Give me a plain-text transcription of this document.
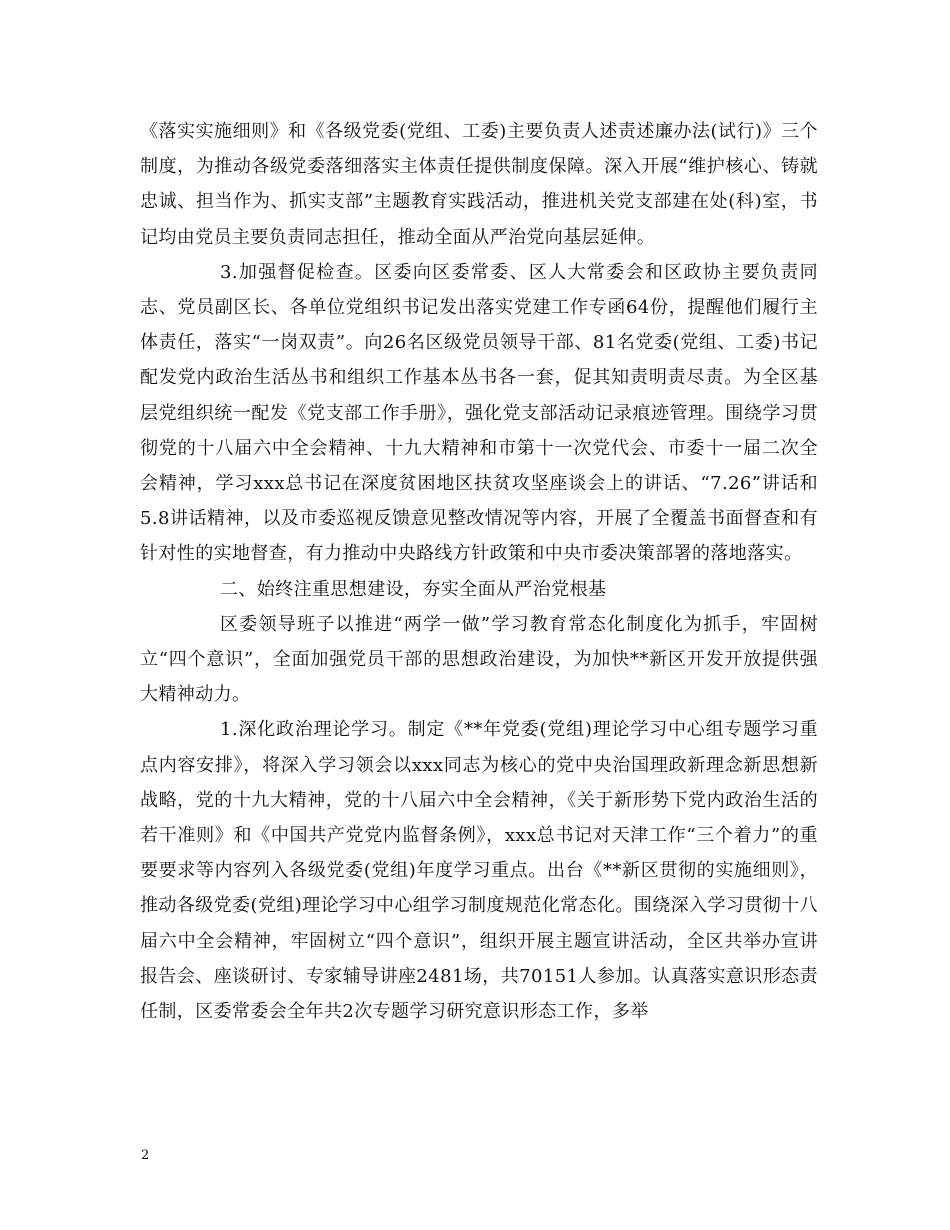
《落实实施细则》和《各级党委(党组、工委)主要负责人述责述廉办法(试行)》三个制度，为推动各级党委落细落实主体责任提供制度保障。深入开展“维护核心、铸就忠诚、担当作为、抓实支部”主题教育实践活动，推进机关党支部建在处(科)室，书记均由党员主要负责同志担任，推动全面从严治党向基层延伸。

3.加强督促检查。区委向区委常委、区人大常委会和区政协主要负责同志、党员副区长、各单位党组织书记发出落实党建工作专函64份，提醒他们履行主体责任，落实“一岗双责”。向26名区级党员领导干部、81名党委(党组、工委)书记配发党内政治生活丛书和组织工作基本丛书各一套，促其知责明责尽责。为全区基层党组织统一配发《党支部工作手册》，强化党支部活动记录痕迹管理。围绕学习贯彻党的十八届六中全会精神、十九大精神和市第十一次党代会、市委十一届二次全会精神，学习xxx总书记在深度贫困地区扶贫攻坚座谈会上的讲话、“7.26”讲话和5.8讲话精神，以及市委巡视反馈意见整改情况等内容，开展了全覆盖书面督查和有针对性的实地督查，有力推动中央路线方针政策和中央市委决策部署的落地落实。

二、始终注重思想建设，夯实全面从严治党根基

区委领导班子以推进“两学一做”学习教育常态化制度化为抓手，牢固树立“四个意识”，全面加强党员干部的思想政治建设，为加快**新区开发开放提供强大精神动力。

1.深化政治理论学习。制定《**年党委(党组)理论学习中心组专题学习重点内容安排》，将深入学习领会以xxx同志为核心的党中央治国理政新理念新思想新战略，党的十九大精神，党的十八届六中全会精神，《关于新形势下党内政治生活的若干准则》和《中国共产党党内监督条例》，xxx总书记对天津工作“三个着力”的重要要求等内容列入各级党委(党组)年度学习重点。出台《**新区贯彻的实施细则》，推动各级党委(党组)理论学习中心组学习制度规范化常态化。围绕深入学习贯彻十八届六中全会精神，牢固树立“四个意识”，组织开展主题宣讲活动，全区共举办宣讲报告会、座谈研讨、专家辅导讲座2481场，共70151人参加。认真落实意识形态责任制，区委常委会全年共2次专题学习研究意识形态工作，多举

2
